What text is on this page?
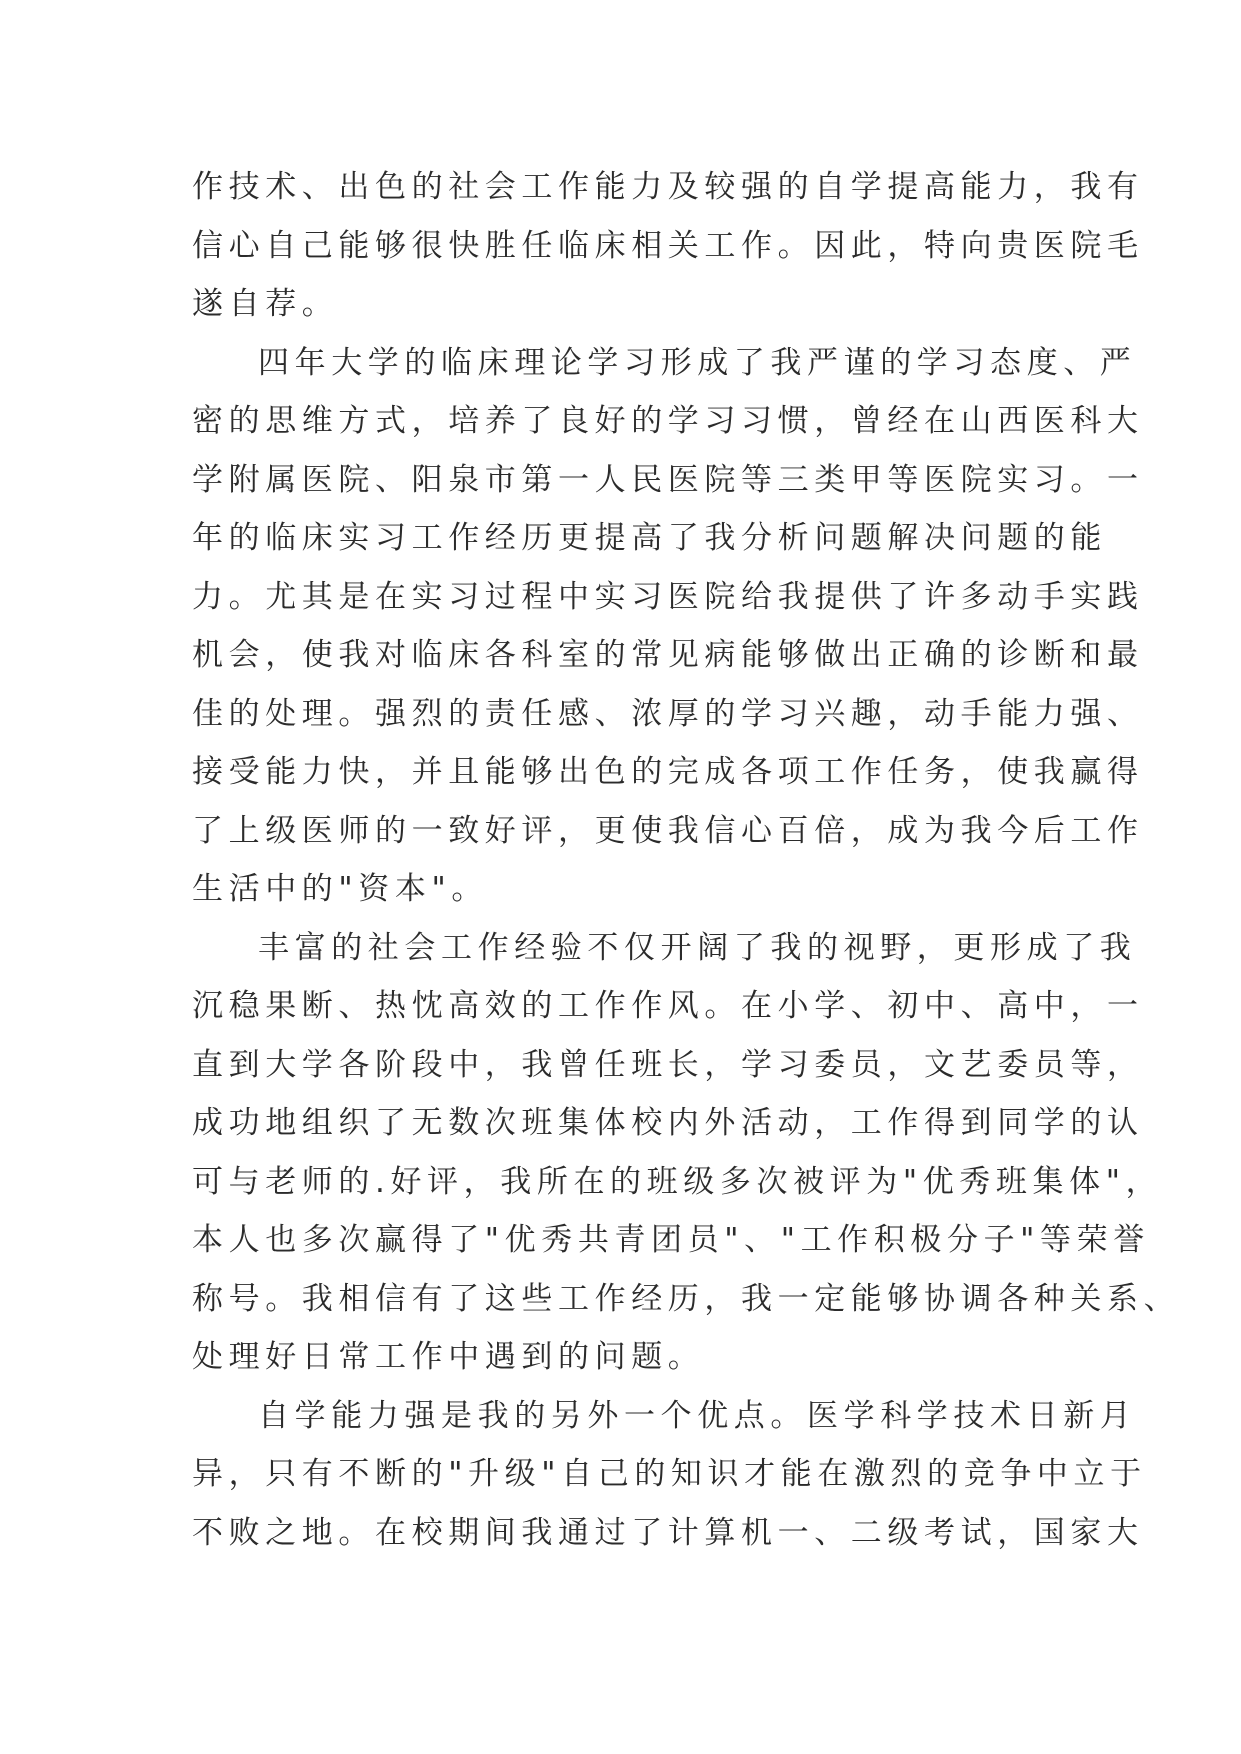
作技术、出色的社会工作能力及较强的自学提高能力，我有
信心自己能够很快胜任临床相关工作。因此，特向贵医院毛
遂自荐。
四年大学的临床理论学习形成了我严谨的学习态度、严
密的思维方式，培养了良好的学习习惯，曾经在山西医科大
学附属医院、阳泉市第一人民医院等三类甲等医院实习。一
年的临床实习工作经历更提高了我分析问题解决问题的能
力。尤其是在实习过程中实习医院给我提供了许多动手实践
机会，使我对临床各科室的常见病能够做出正确的诊断和最
佳的处理。强烈的责任感、浓厚的学习兴趣，动手能力强、
接受能力快，并且能够出色的完成各项工作任务，使我赢得
了上级医师的一致好评，更使我信心百倍，成为我今后工作
生活中的"资本"。
丰富的社会工作经验不仅开阔了我的视野，更形成了我
沉稳果断、热忱高效的工作作风。在小学、初中、高中，一
直到大学各阶段中，我曾任班长，学习委员，文艺委员等，
成功地组织了无数次班集体校内外活动，工作得到同学的认
可与老师的.好评，我所在的班级多次被评为"优秀班集体"，
本人也多次赢得了"优秀共青团员"、"工作积极分子"等荣誉
称号。我相信有了这些工作经历，我一定能够协调各种关系、
处理好日常工作中遇到的问题。
自学能力强是我的另外一个优点。医学科学技术日新月
异，只有不断的"升级"自己的知识才能在激烈的竞争中立于
不败之地。在校期间我通过了计算机一、二级考试，国家大
